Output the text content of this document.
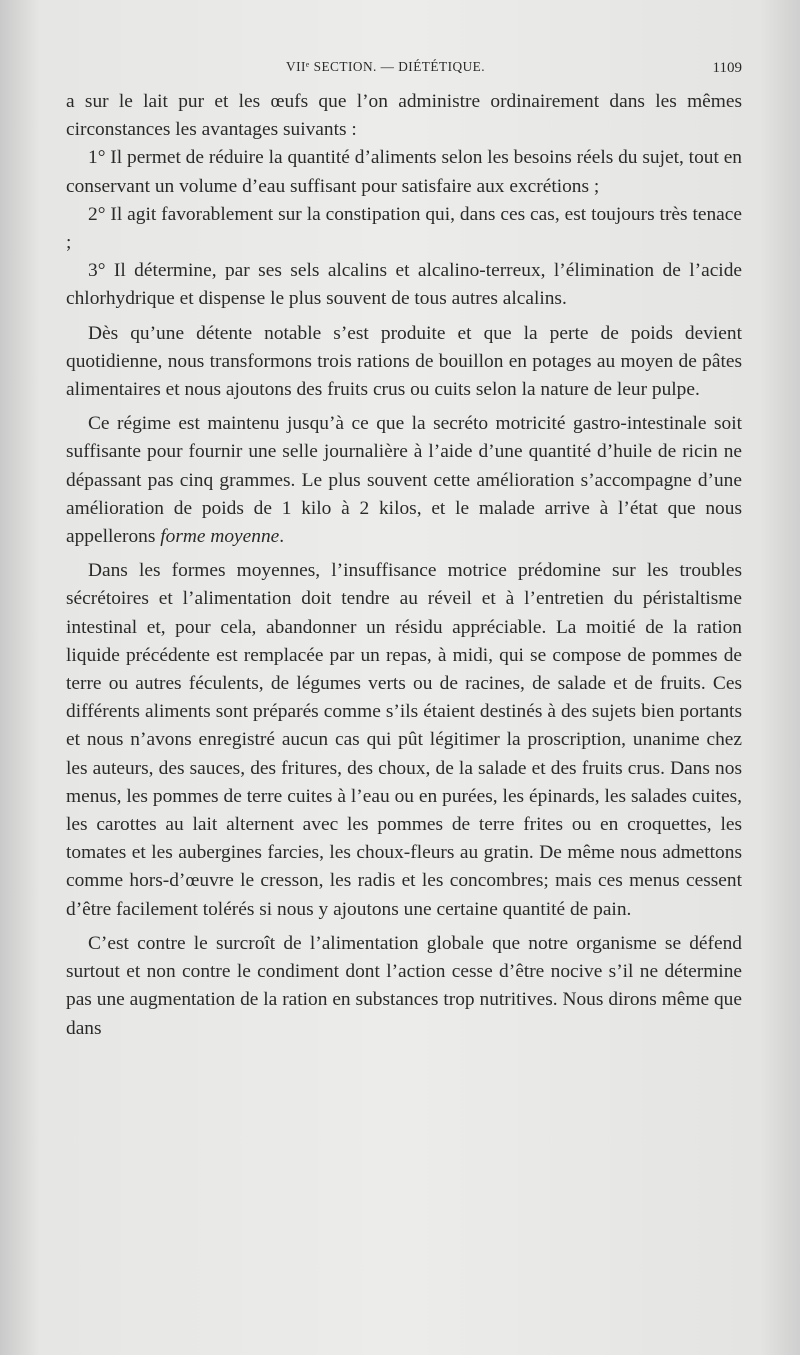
VIIᵉ SECTION. — DIÉTÉTIQUE.	1109

a sur le lait pur et les œufs que l’on administre ordinairement dans les mêmes circonstances les avantages suivants :

1° Il permet de réduire la quantité d’aliments selon les besoins réels du sujet, tout en conservant un volume d’eau suffisant pour satisfaire aux excrétions ;

2° Il agit favorablement sur la constipation qui, dans ces cas, est toujours très tenace ;

3° Il détermine, par ses sels alcalins et alcalino-terreux, l’élimination de l’acide chlorhydrique et dispense le plus souvent de tous autres alcalins.

Dès qu’une détente notable s’est produite et que la perte de poids devient quotidienne, nous transformons trois rations de bouillon en potages au moyen de pâtes alimentaires et nous ajoutons des fruits crus ou cuits selon la nature de leur pulpe.

Ce régime est maintenu jusqu’à ce que la secréto motricité gastro-intestinale soit suffisante pour fournir une selle journalière à l’aide d’une quantité d’huile de ricin ne dépassant pas cinq grammes. Le plus souvent cette amélioration s’accompagne d’une amélioration de poids de 1 kilo à 2 kilos, et le malade arrive à l’état que nous appellerons forme moyenne.

Dans les formes moyennes, l’insuffisance motrice prédomine sur les troubles sécrétoires et l’alimentation doit tendre au réveil et à l’entretien du péristaltisme intestinal et, pour cela, abandonner un résidu appréciable. La moitié de la ration liquide précédente est remplacée par un repas, à midi, qui se compose de pommes de terre ou autres féculents, de légumes verts ou de racines, de salade et de fruits. Ces différents aliments sont préparés comme s’ils étaient destinés à des sujets bien portants et nous n’avons enregistré aucun cas qui pût légitimer la proscription, unanime chez les auteurs, des sauces, des fritures, des choux, de la salade et des fruits crus. Dans nos menus, les pommes de terre cuites à l’eau ou en purées, les épinards, les salades cuites, les carottes au lait alternent avec les pommes de terre frites ou en croquettes, les tomates et les aubergines farcies, les choux-fleurs au gratin. De même nous admettons comme hors-d’œuvre le cresson, les radis et les concombres; mais ces menus cessent d’être facilement tolérés si nous y ajoutons une certaine quantité de pain.

C’est contre le surcroît de l’alimentation globale que notre organisme se défend surtout et non contre le condiment dont l’action cesse d’être nocive s’il ne détermine pas une augmentation de la ration en substances trop nutritives. Nous dirons même que dans
